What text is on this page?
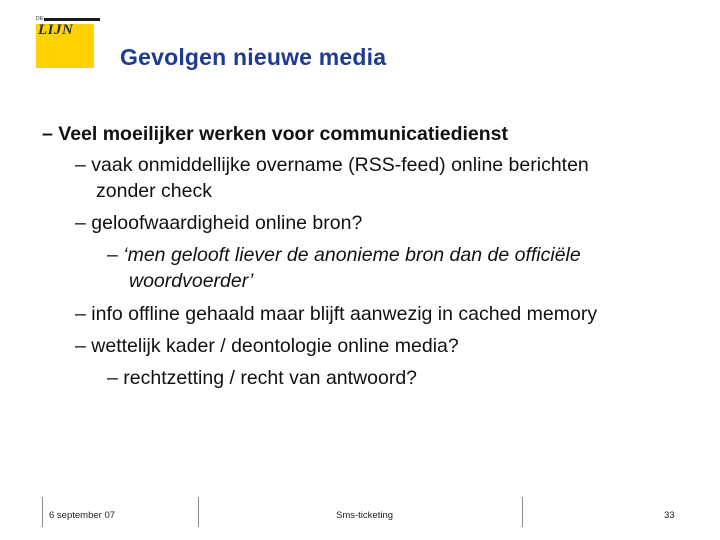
DE
LIJN
Gevolgen nieuwe media
– Veel moeilijker werken voor communicatiedienst
– vaak onmiddellijke overname (RSS-feed) online berichten
zonder check
– geloofwaardigheid online bron?
– ‘men gelooft liever de anonieme bron dan de officiële
woordvoerder’
– info offline gehaald maar blijft aanwezig in cached memory
– wettelijk kader / deontologie online media?
– rechtzetting / recht van antwoord?
6 september 07	Sms-ticketing	33
